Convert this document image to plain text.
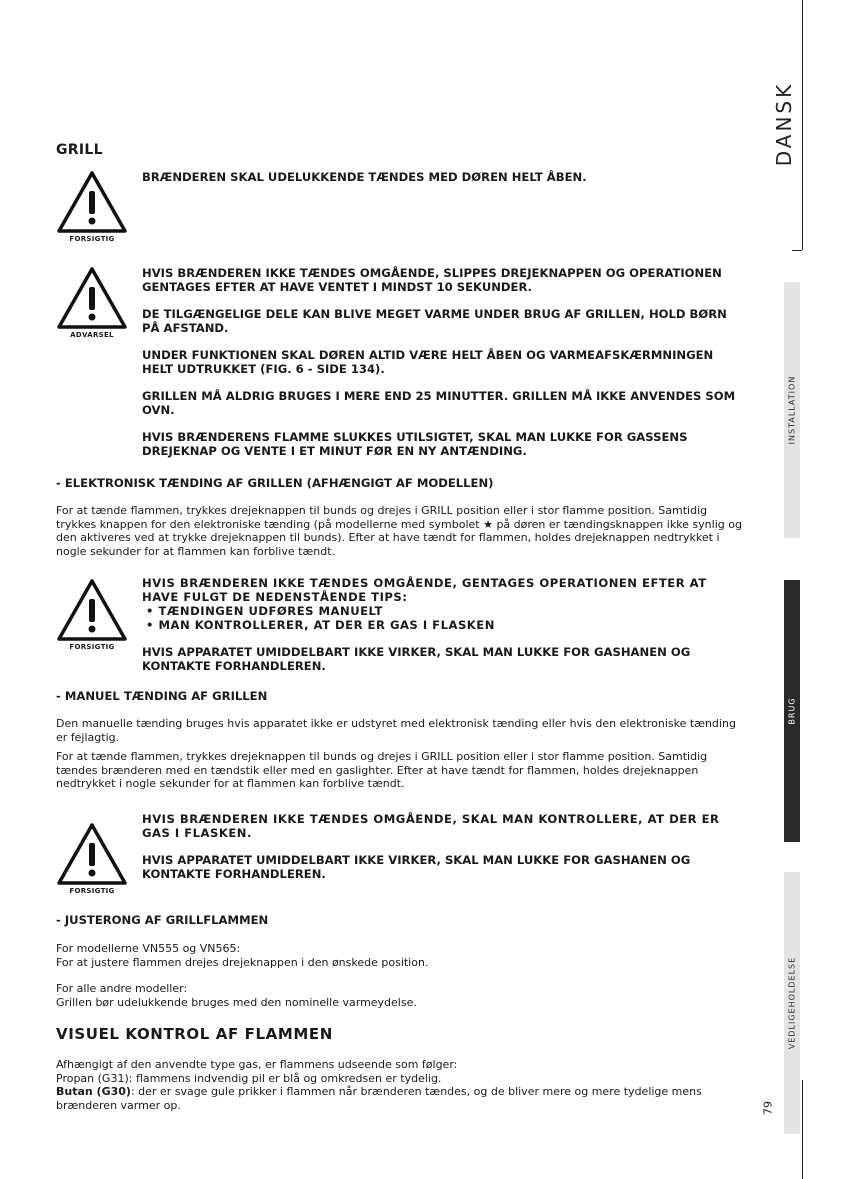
GRILL
FORSIGTIG

BRÆNDEREN SKAL UDELUKKENDE TÆNDES MED DØREN HELT ÅBEN.

ADVARSEL

HVIS BRÆNDEREN IKKE TÆNDES OMGÅENDE, SLIPPES DREJEKNAPPEN OG OPERATIONEN GENTAGES EFTER AT HAVE VENTET I MINDST 10 SEKUNDER.

DE TILGÆNGELIGE DELE KAN BLIVE MEGET VARME UNDER BRUG AF GRILLEN, HOLD BØRN PÅ AFSTAND.

UNDER FUNKTIONEN SKAL DØREN ALTID VÆRE HELT ÅBEN OG VARMEAFSKÆRMNINGEN HELT UDTRUKKET (FIG. 6 - SIDE 134).

GRILLEN MÅ ALDRIG BRUGES I MERE END 25 MINUTTER. GRILLEN MÅ IKKE ANVENDES SOM OVN.

HVIS BRÆNDERENS FLAMME SLUKKES UTILSIGTET, SKAL MAN LUKKE FOR GASSENS DREJEKNAP OG VENTE I ET MINUT FØR EN NY ANTÆNDING.

- ELEKTRONISK TÆNDING AF GRILLEN (AFHÆNGIGT AF MODELLEN)

For at tænde flammen, trykkes drejeknappen til bunds og drejes i GRILL position eller i stor flamme position. Samtidig trykkes knappen for den elektroniske tænding (på modellerne med symbolet ★ på døren er tændingsknappen ikke synlig og den aktiveres ved at trykke drejeknappen til bunds). Efter at have tændt for flammen, holdes drejeknappen nedtrykket i nogle sekunder for at flammen kan forblive tændt.

FORSIGTIG

HVIS BRÆNDEREN IKKE TÆNDES OMGÅENDE, GENTAGES OPERATIONEN EFTER AT HAVE FULGT DE NEDENSTÅENDE TIPS:

• TÆNDINGEN UDFØRES MANUELT

• MAN KONTROLLERER, AT DER ER GAS I FLASKEN

HVIS APPARATET UMIDDELBART IKKE VIRKER, SKAL MAN LUKKE FOR GASHANEN OG KONTAKTE FORHANDLEREN.

- MANUEL TÆNDING AF GRILLEN

Den manuelle tænding bruges hvis apparatet ikke er udstyret med elektronisk tænding eller hvis den elektroniske tænding er fejlagtig.

For at tænde flammen, trykkes drejeknappen til bunds og drejes i GRILL position eller i stor flamme position. Samtidig tændes brænderen med en tændstik eller med en gaslighter. Efter at have tændt for flammen, holdes drejeknappen nedtrykket i nogle sekunder for at flammen kan forblive tændt.

FORSIGTIG

HVIS BRÆNDEREN IKKE TÆNDES OMGÅENDE, SKAL MAN KONTROLLERE, AT DER ER GAS I FLASKEN.

HVIS APPARATET UMIDDELBART IKKE VIRKER, SKAL MAN LUKKE FOR GASHANEN OG KONTAKTE FORHANDLEREN.

- JUSTERONG AF GRILLFLAMMEN
For modellerne VN555 og VN565:
For at justere flammen drejes drejeknappen i den ønskede position.
For alle andre modeller:
Grillen bør udelukkende bruges med den nominelle varmeydelse.
VISUEL KONTROL AF FLAMMEN
Afhængigt af den anvendte type gas, er flammens udseende som følger:
Propan (G31): flammens indvendig pil er blå og omkredsen er tydelig.
Butan (G30): der er svage gule prikker i flammen når brænderen tændes, og de bliver mere og mere tydelige mens brænderen varmer op.
DANSK
INSTALLATION
BRUG
VEDLIGEHOLDELSE
79
